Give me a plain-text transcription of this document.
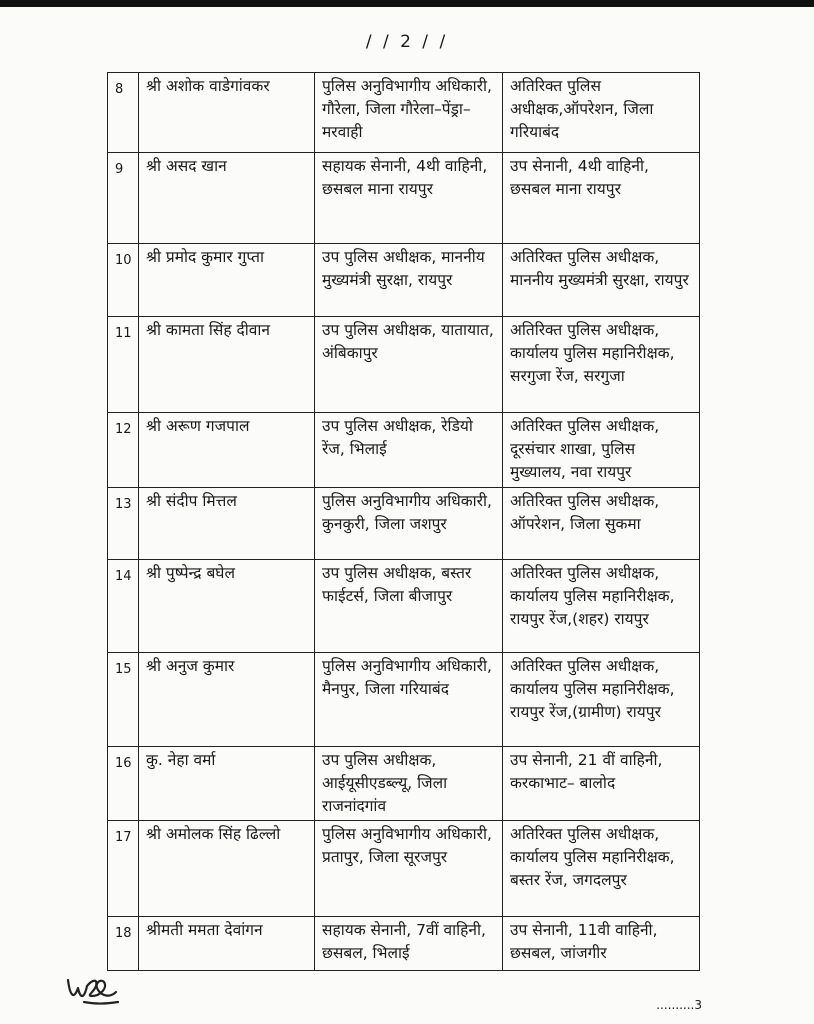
/ / 2 / /
8	श्री अशोक वाडेगांवकर	पुलिस अनुविभागीय अधिकारी, गौरेला, जिला गौरेला–पेंड्रा– मरवाही	अतिरिक्त पुलिस अधीक्षक,ऑपरेशन, जिला गरियाबंद
9	श्री असद खान	सहायक सेनानी, 4थी वाहिनी, छसबल माना रायपुर	उप सेनानी, 4थी वाहिनी, छसबल माना रायपुर
10	श्री प्रमोद कुमार गुप्ता	उप पुलिस अधीक्षक, माननीय मुख्यमंत्री सुरक्षा, रायपुर	अतिरिक्त पुलिस अधीक्षक, माननीय मुख्यमंत्री सुरक्षा, रायपुर
11	श्री कामता सिंह दीवान	उप पुलिस अधीक्षक, यातायात, अंबिकापुर	अतिरिक्त पुलिस अधीक्षक, कार्यालय पुलिस महानिरीक्षक, सरगुजा रेंज, सरगुजा
12	श्री अरूण गजपाल	उप पुलिस अधीक्षक, रेडियो रेंज, भिलाई	अतिरिक्त पुलिस अधीक्षक, दूरसंचार शाखा, पुलिस मुख्यालय, नवा रायपुर
13	श्री संदीप मित्तल	पुलिस अनुविभागीय अधिकारी, कुनकुरी, जिला जशपुर	अतिरिक्त पुलिस अधीक्षक, ऑपरेशन, जिला सुकमा
14	श्री पुष्पेन्द्र बघेल	उप पुलिस अधीक्षक, बस्तर फाईटर्स, जिला बीजापुर	अतिरिक्त पुलिस अधीक्षक, कार्यालय पुलिस महानिरीक्षक, रायपुर रेंज,(शहर) रायपुर
15	श्री अनुज कुमार	पुलिस अनुविभागीय अधिकारी, मैनपुर, जिला गरियाबंद	अतिरिक्त पुलिस अधीक्षक, कार्यालय पुलिस महानिरीक्षक, रायपुर रेंज,(ग्रामीण) रायपुर
16	कु. नेहा वर्मा	उप पुलिस अधीक्षक, आईयूसीएडब्ल्यू, जिला राजनांदगांव	उप सेनानी, 21 वीं वाहिनी, करकाभाट– बालोद
17	श्री अमोलक सिंह ढिल्लो	पुलिस अनुविभागीय अधिकारी, प्रतापुर, जिला सूरजपुर	अतिरिक्त पुलिस अधीक्षक, कार्यालय पुलिस महानिरीक्षक, बस्तर रेंज, जगदलपुर
18	श्रीमती ममता देवांगन	सहायक सेनानी, 7वीं वाहिनी, छसबल, भिलाई	उप सेनानी, 11वी वाहिनी, छसबल, जांजगीर
..........3
